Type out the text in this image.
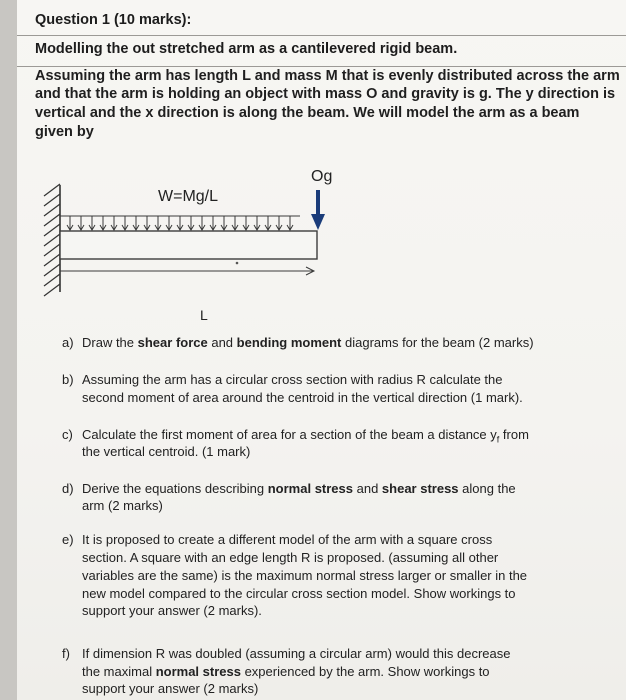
Question 1 (10 marks):
Modelling the out stretched arm as a cantilevered rigid beam.
Assuming the arm has length L and mass M that is evenly distributed across the arm
and that the arm is holding an object with mass O and gravity is g. The y direction is
vertical and the x direction is along the beam. We will model the arm as a beam
given by
W=Mg/L
Og
L
a) Draw the shear force and bending moment diagrams for the beam (2 marks)
b) Assuming the arm has a circular cross section with radius R calculate the
second moment of area around the centroid in the vertical direction (1 mark).
c) Calculate the first moment of area for a section of the beam a distance $y_f$ from
the vertical centroid. (1 mark)
d) Derive the equations describing normal stress and shear stress along the
arm (2 marks)
e) It is proposed to create a different model of the arm with a square cross
section. A square with an edge length R is proposed. (assuming all other
variables are the same) is the maximum normal stress larger or smaller in the
new model compared to the circular cross section model. Show workings to
support your answer (2 marks).
f) If dimension R was doubled (assuming a circular arm) would this decrease
the maximal normal stress experienced by the arm. Show workings to
support your answer (2 marks)
